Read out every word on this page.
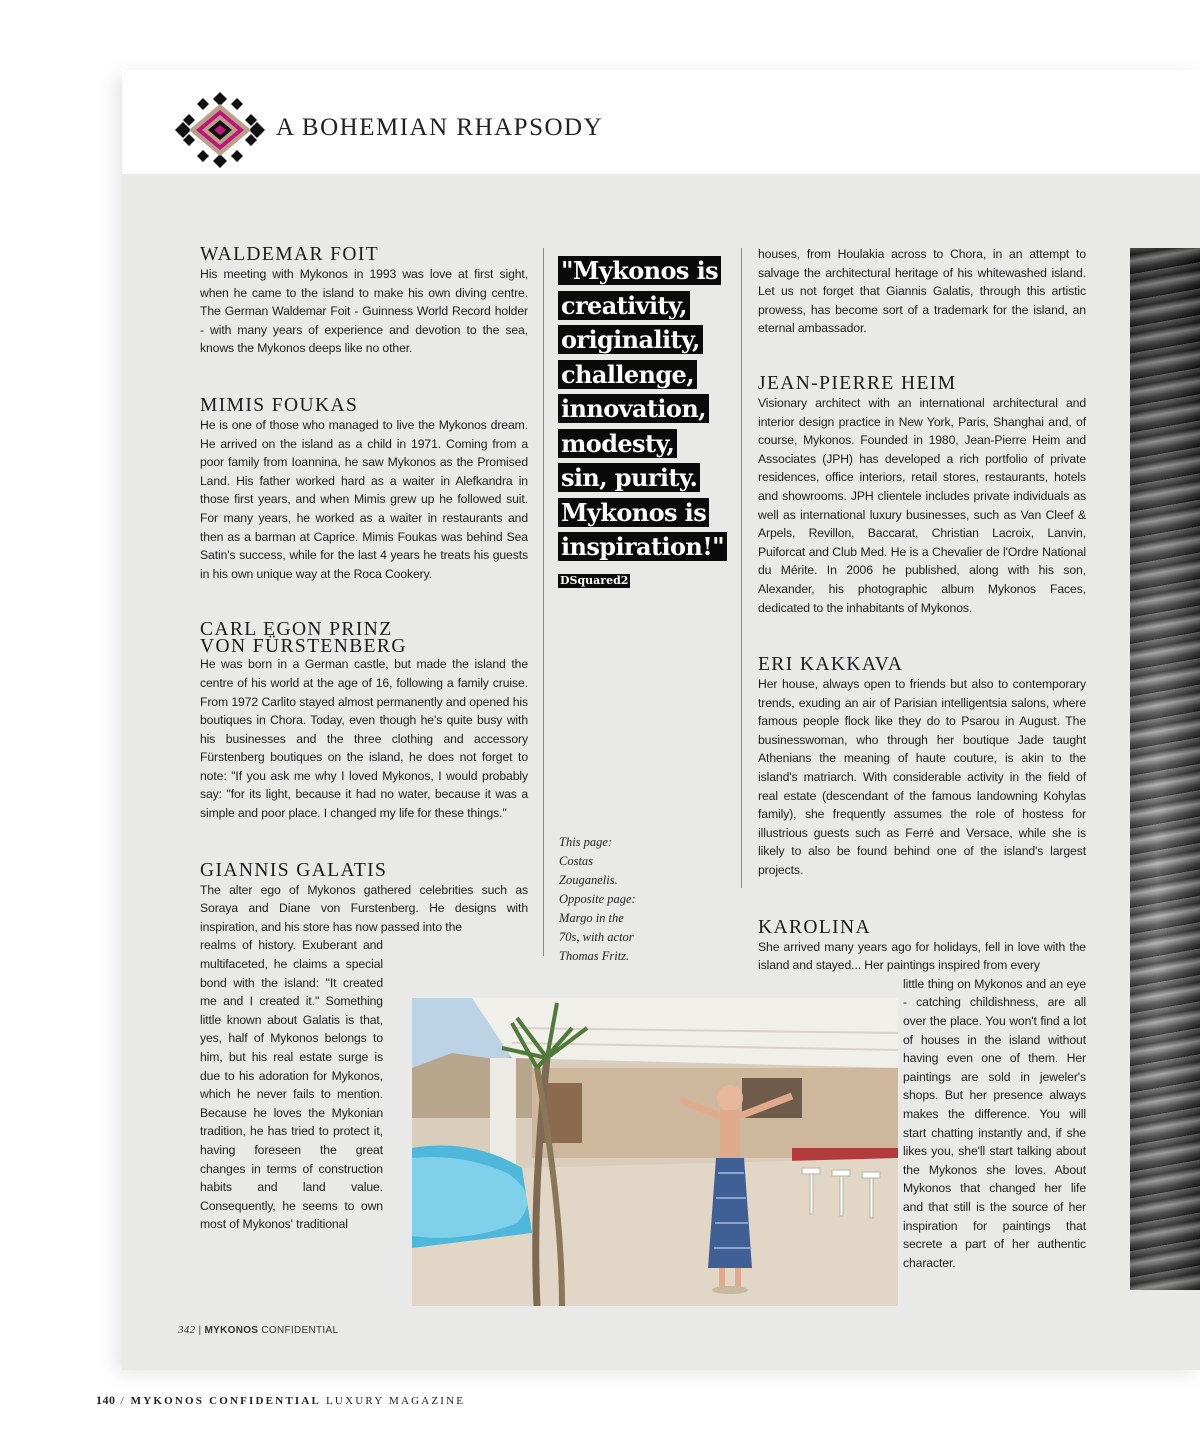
A BOHEMIAN RHAPSODY
WALDEMAR FOIT

His meeting with Mykonos in 1993 was love at first sight, when he came to the island to make his own diving centre. The German Waldemar Foit - Guinness World Record holder - with many years of experience and devotion to the sea, knows the Mykonos deeps like no other.

MIMIS FOUKAS

He is one of those who managed to live the Mykonos dream. He arrived on the island as a child in 1971. Coming from a poor family from Ioannina, he saw Mykonos as the Promised Land. His father worked hard as a waiter in Alefkandra in those first years, and when Mimis grew up he followed suit. For many years, he worked as a waiter in restaurants and then as a barman at Caprice. Mimis Foukas was behind Sea Satin's success, while for the last 4 years he treats his guests in his own unique way at the Roca Cookery.

CARL EGON PRINZ
VON FÜRSTENBERG

He was born in a German castle, but made the island the centre of his world at the age of 16, following a family cruise. From 1972 Carlito stayed almost permanently and opened his boutiques in Chora. Today, even though he's quite busy with his businesses and the three clothing and accessory Fürstenberg boutiques on the island, he does not forget to note: "If you ask me why I loved Mykonos, I would probably say: "for its light, because it had no water, because it was a simple and poor place. I changed my life for these things."

GIANNIS GALATIS

The alter ego of Mykonos gathered celebrities such as Soraya and Diane von Furstenberg. He designs with inspiration, and his store has now passed into the

realms of history. Exuberant and multifaceted, he claims a special bond with the island: "It created me and I created it." Something little known about Galatis is that, yes, half of Mykonos belongs to him, but his real estate surge is due to his adoration for Mykonos, which he never fails to mention. Because he loves the Mykonian tradition, he has tried to protect it, having foreseen the great changes in terms of construction habits and land value. Consequently, he seems to own most of Mykonos' traditional

"Mykonos is
creativity,
originality,
challenge,
innovation,
modesty,
sin, purity.
Mykonos is
inspiration!"
DSquared2
This page:
Costas
Zouganelis.
Opposite page:
Margo in the
70s, with actor
Thomas Fritz.

houses, from Houlakia across to Chora, in an attempt to salvage the architectural heritage of his whitewashed island. Let us not forget that Giannis Galatis, through this artistic prowess, has become sort of a trademark for the island, an eternal ambassador.

JEAN-PIERRE HEIM

Visionary architect with an international architectural and interior design practice in New York, Paris, Shanghai and, of course, Mykonos. Founded in 1980, Jean-Pierre Heim and Associates (JPH) has developed a rich portfolio of private residences, office interiors, retail stores, restaurants, hotels and showrooms. JPH clientele includes private individuals as well as international luxury businesses, such as Van Cleef & Arpels, Revillon, Baccarat, Christian Lacroix, Lanvin, Puiforcat and Club Med. He is a Chevalier de l'Ordre National du Mérite. In 2006 he published, along with his son, Alexander, his photographic album Mykonos Faces, dedicated to the inhabitants of Mykonos.

ERI KAKKAVA

Her house, always open to friends but also to contemporary trends, exuding an air of Parisian intelligentsia salons, where famous people flock like they do to Psarou in August. The businesswoman, who through her boutique Jade taught Athenians the meaning of haute couture, is akin to the island's matriarch. With considerable activity in the field of real estate (descendant of the famous landowning Kohylas family), she frequently assumes the role of hostess for illustrious guests such as Ferré and Versace, while she is likely to also be found behind one of the island's largest projects.

KAROLINA

She arrived many years ago for holidays, fell in love with the island and stayed... Her paintings inspired from every

little thing on Mykonos and an eye - catching childishness, are all over the place. You won't find a lot of houses in the island without having even one of them. Her paintings are sold in jeweler's shops. But her presence always makes the difference. You will start chatting instantly and, if she likes you, she'll start talking about the Mykonos she loves. About Mykonos that changed her life and that still is the source of her inspiration for paintings that secrete a part of her authentic character.

342 | MYKONOS CONFIDENTIAL
140 / MYKONOS CONFIDENTIAL LUXURY MAGAZINE
